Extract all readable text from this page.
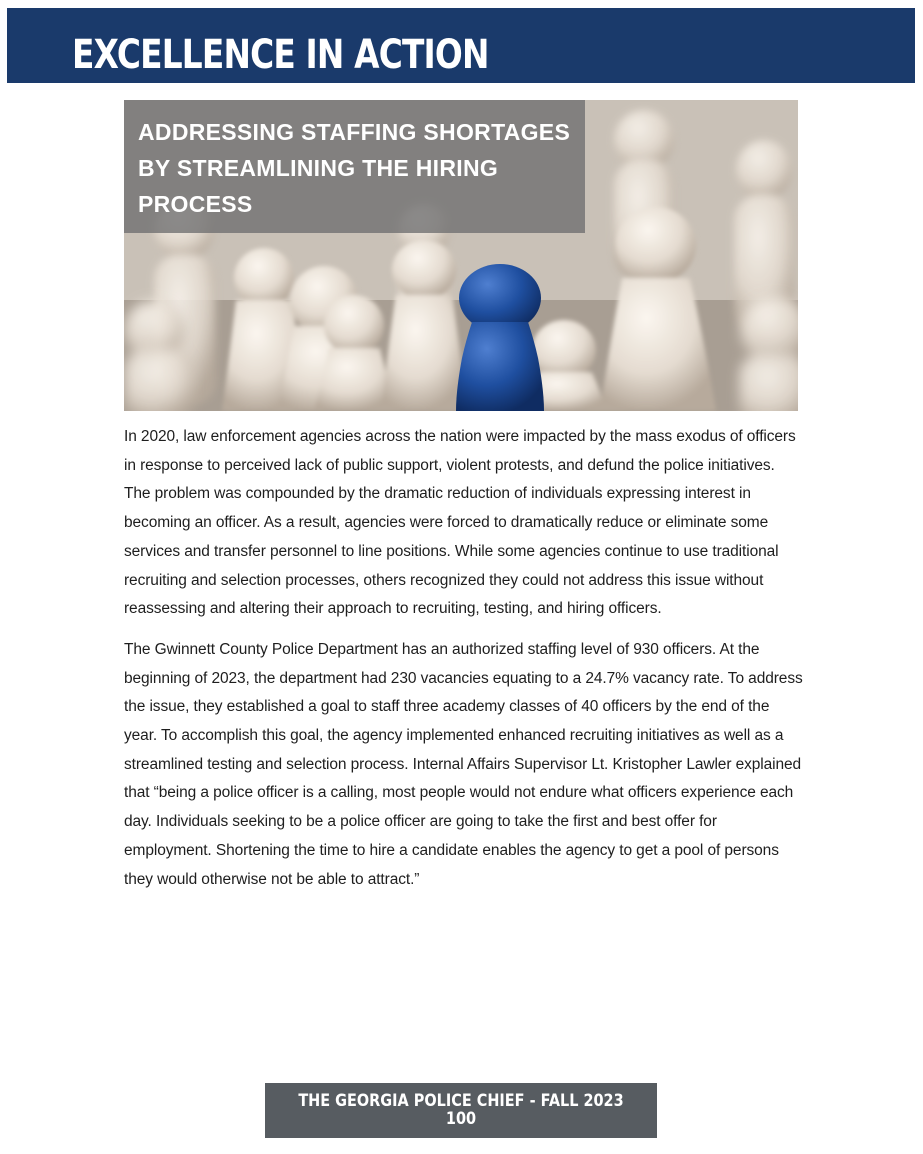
EXCELLENCE IN ACTION
ADDRESSING STAFFING SHORTAGES BY STREAMLINING THE HIRING PROCESS

In 2020, law enforcement agencies across the nation were impacted by the mass exodus of officers in response to perceived lack of public support, violent protests, and defund the police initiatives. The problem was compounded by the dramatic reduction of individuals expressing interest in becoming an officer. As a result, agencies were forced to dramatically reduce or eliminate some services and transfer personnel to line positions. While some agencies continue to use traditional recruiting and selection processes, others recognized they could not address this issue without reassessing and altering their approach to recruiting, testing, and hiring officers.

The Gwinnett County Police Department has an authorized staffing level of 930 officers. At the beginning of 2023, the department had 230 vacancies equating to a 24.7% vacancy rate. To address the issue, they established a goal to staff three academy classes of 40 officers by the end of the year. To accomplish this goal, the agency implemented enhanced recruiting initiatives as well as a streamlined testing and selection process. Internal Affairs Supervisor Lt. Kristopher Lawler explained that “being a police officer is a calling, most people would not endure what officers experience each day. Individuals seeking to be a police officer are going to take the first and best offer for employment. Shortening the time to hire a candidate enables the agency to get a pool of persons they would otherwise not be able to attract.”

THE GEORGIA POLICE CHIEF - FALL 2023
100
